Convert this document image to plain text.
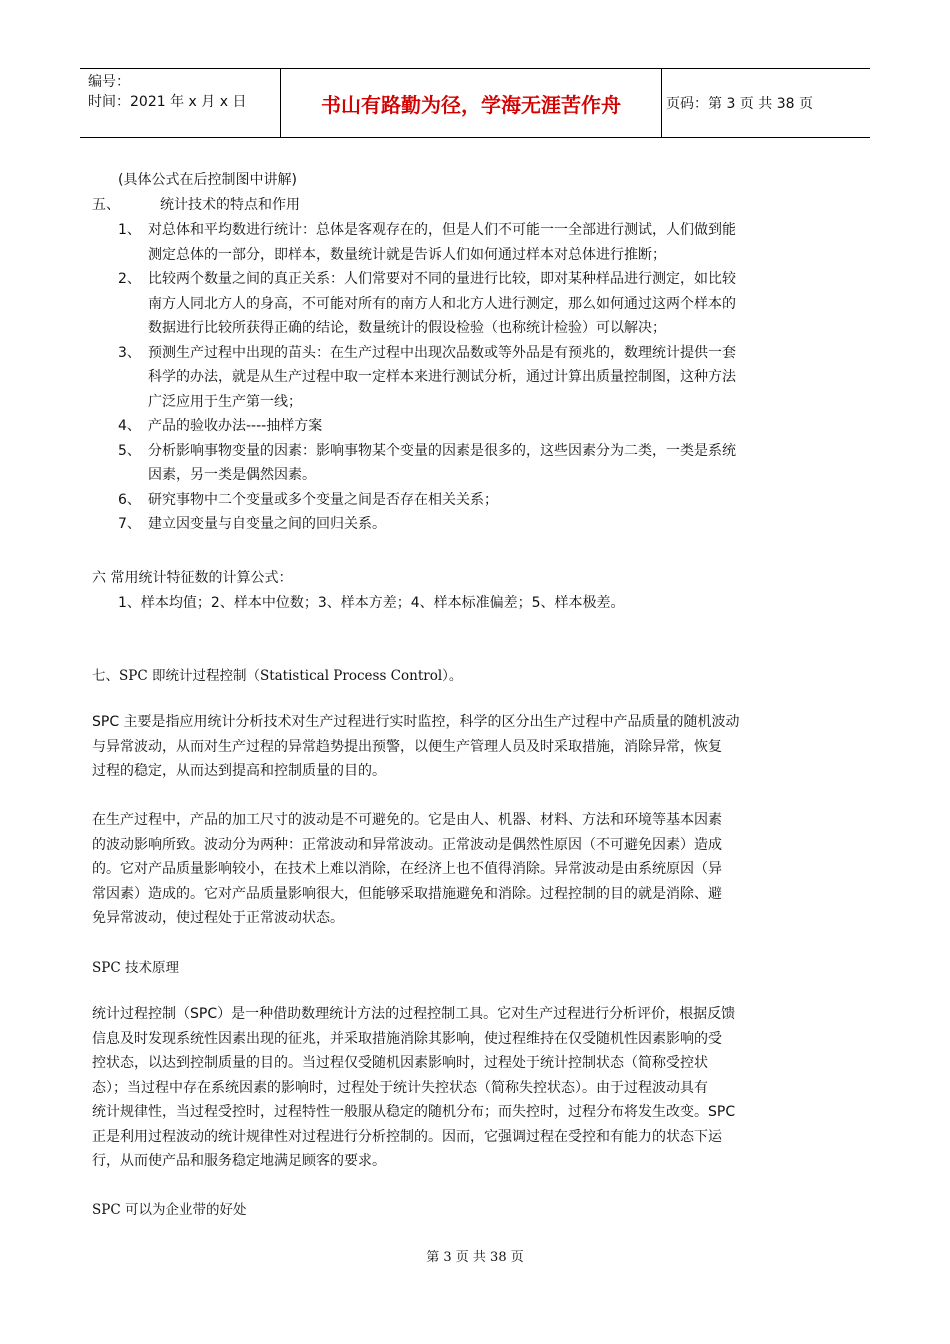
编号：
时间：2021 年 x 月 x 日	书山有路勤为径，学海无涯苦作舟	页码：第 3 页 共 38 页
(具体公式在后控制图中讲解)
五、	统计技术的特点和作用
1、 对总体和平均数进行统计：总体是客观存在的，但是人们不可能一一全部进行测试，人们做到能
测定总体的一部分，即样本，数量统计就是告诉人们如何通过样本对总体进行推断；
2、 比较两个数量之间的真正关系：人们常要对不同的量进行比较，即对某种样品进行测定，如比较
南方人同北方人的身高，不可能对所有的南方人和北方人进行测定，那么如何通过这两个样本的
数据进行比较所获得正确的结论，数量统计的假设检验（也称统计检验）可以解决；
3、 预测生产过程中出现的苗头：在生产过程中出现次品数或等外品是有预兆的，数理统计提供一套
科学的办法，就是从生产过程中取一定样本来进行测试分析，通过计算出质量控制图，这种方法
广泛应用于生产第一线；
4、 产品的验收办法----抽样方案
5、 分析影响事物变量的因素：影响事物某个变量的因素是很多的，这些因素分为二类，一类是系统
因素，另一类是偶然因素。
6、 研究事物中二个变量或多个变量之间是否存在相关关系；
7、 建立因变量与自变量之间的回归关系。
六 常用统计特征数的计算公式：
1、样本均值；2、样本中位数；3、样本方差；4、样本标准偏差；5、样本极差。
七、SPC 即统计过程控制（Statistical Process Control）。
SPC 主要是指应用统计分析技术对生产过程进行实时监控，科学的区分出生产过程中产品质量的随机波动
与异常波动，从而对生产过程的异常趋势提出预警，以便生产管理人员及时采取措施，消除异常，恢复
过程的稳定，从而达到提高和控制质量的目的。
在生产过程中，产品的加工尺寸的波动是不可避免的。它是由人、机器、材料、方法和环境等基本因素
的波动影响所致。波动分为两种：正常波动和异常波动。正常波动是偶然性原因（不可避免因素）造成
的。它对产品质量影响较小，在技术上难以消除，在经济上也不值得消除。异常波动是由系统原因（异
常因素）造成的。它对产品质量影响很大，但能够采取措施避免和消除。过程控制的目的就是消除、避
免异常波动，使过程处于正常波动状态。
SPC 技术原理
统计过程控制（SPC）是一种借助数理统计方法的过程控制工具。它对生产过程进行分析评价，根据反馈
信息及时发现系统性因素出现的征兆，并采取措施消除其影响，使过程维持在仅受随机性因素影响的受
控状态，以达到控制质量的目的。当过程仅受随机因素影响时，过程处于统计控制状态（简称受控状
态）；当过程中存在系统因素的影响时，过程处于统计失控状态（简称失控状态）。由于过程波动具有
统计规律性，当过程受控时，过程特性一般服从稳定的随机分布；而失控时，过程分布将发生改变。SPC
正是利用过程波动的统计规律性对过程进行分析控制的。因而，它强调过程在受控和有能力的状态下运
行，从而使产品和服务稳定地满足顾客的要求。
SPC 可以为企业带的好处
第 3 页 共 38 页
